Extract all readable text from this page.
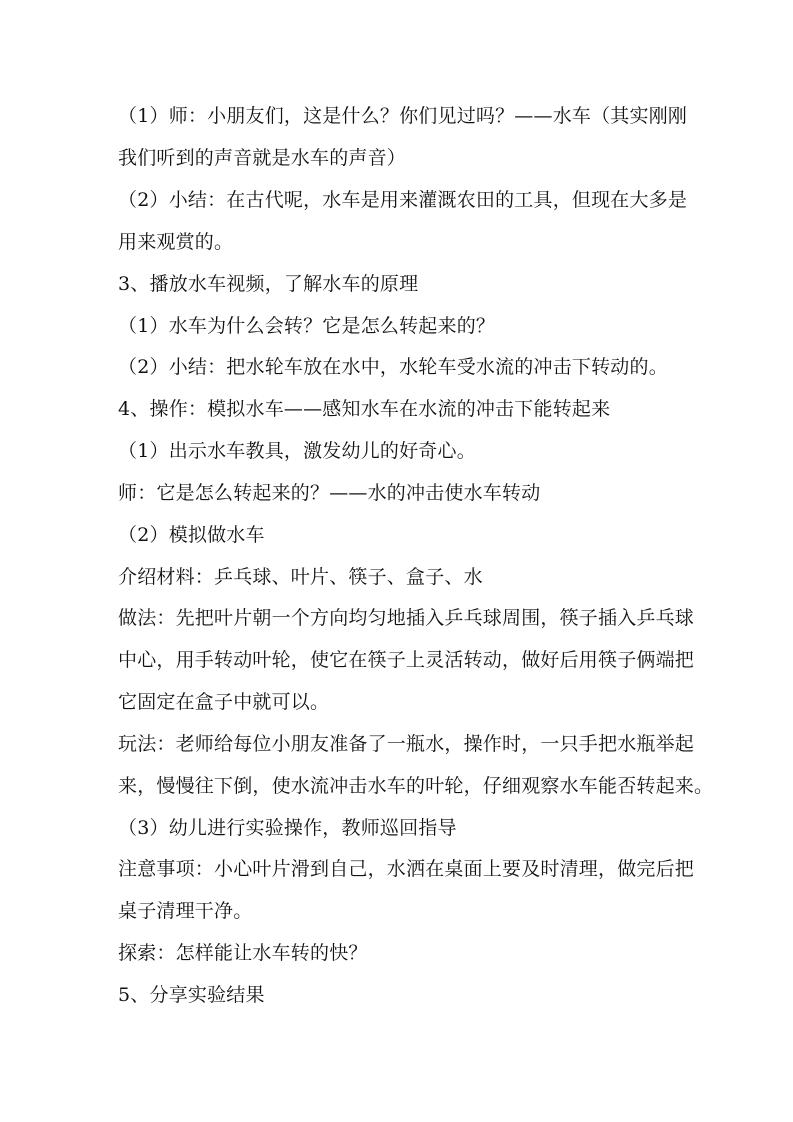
（1）师：小朋友们，这是什么？你们见过吗？——水车（其实刚刚
我们听到的声音就是水车的声音）
（2）小结：在古代呢，水车是用来灌溉农田的工具，但现在大多是
用来观赏的。
3、播放水车视频，了解水车的原理
（1）水车为什么会转？它是怎么转起来的？
（2）小结：把水轮车放在水中，水轮车受水流的冲击下转动的。
4、操作：模拟水车——感知水车在水流的冲击下能转起来
（1）出示水车教具，激发幼儿的好奇心。
师：它是怎么转起来的？——水的冲击使水车转动
（2）模拟做水车
介绍材料：乒乓球、叶片、筷子、盒子、水
做法：先把叶片朝一个方向均匀地插入乒乓球周围，筷子插入乒乓球
中心，用手转动叶轮，使它在筷子上灵活转动，做好后用筷子俩端把
它固定在盒子中就可以。
玩法：老师给每位小朋友准备了一瓶水，操作时，一只手把水瓶举起
来，慢慢往下倒，使水流冲击水车的叶轮，仔细观察水车能否转起来。
（3）幼儿进行实验操作，教师巡回指导
注意事项：小心叶片滑到自己，水洒在桌面上要及时清理，做完后把
桌子清理干净。
探索：怎样能让水车转的快？
5、分享实验结果
